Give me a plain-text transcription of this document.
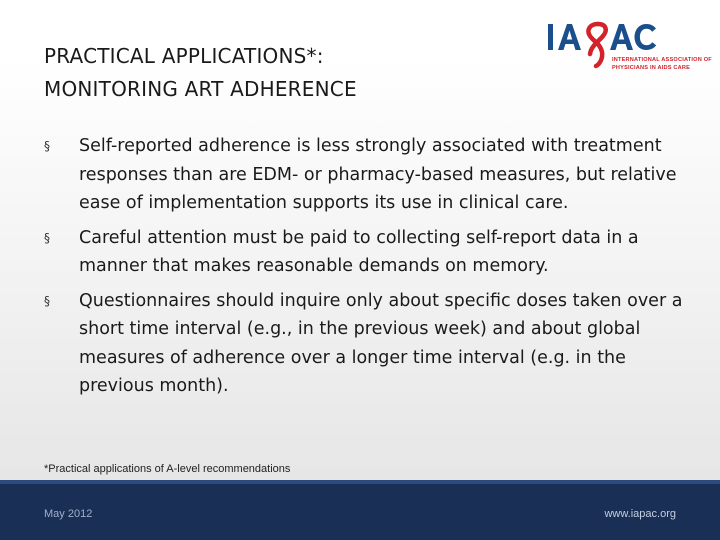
PRACTICAL APPLICATIONS*:
MONITORING ART ADHERENCE
INTERNATIONAL ASSOCIATION OF PHYSICIANS IN AIDS CARE
§	Self-reported adherence is less strongly associated with treatment responses than are EDM- or pharmacy-based measures, but relative ease of implementation supports its use in clinical care.
§	Careful attention must be paid to collecting self-report data in a manner that makes reasonable demands on memory.
§	Questionnaires should inquire only about specific doses taken over a short time interval (e.g., in the previous week) and about global measures of adherence over a longer time interval (e.g. in the previous month).
*Practical applications of A-level recommendations
May 2012	www.iapac.org
